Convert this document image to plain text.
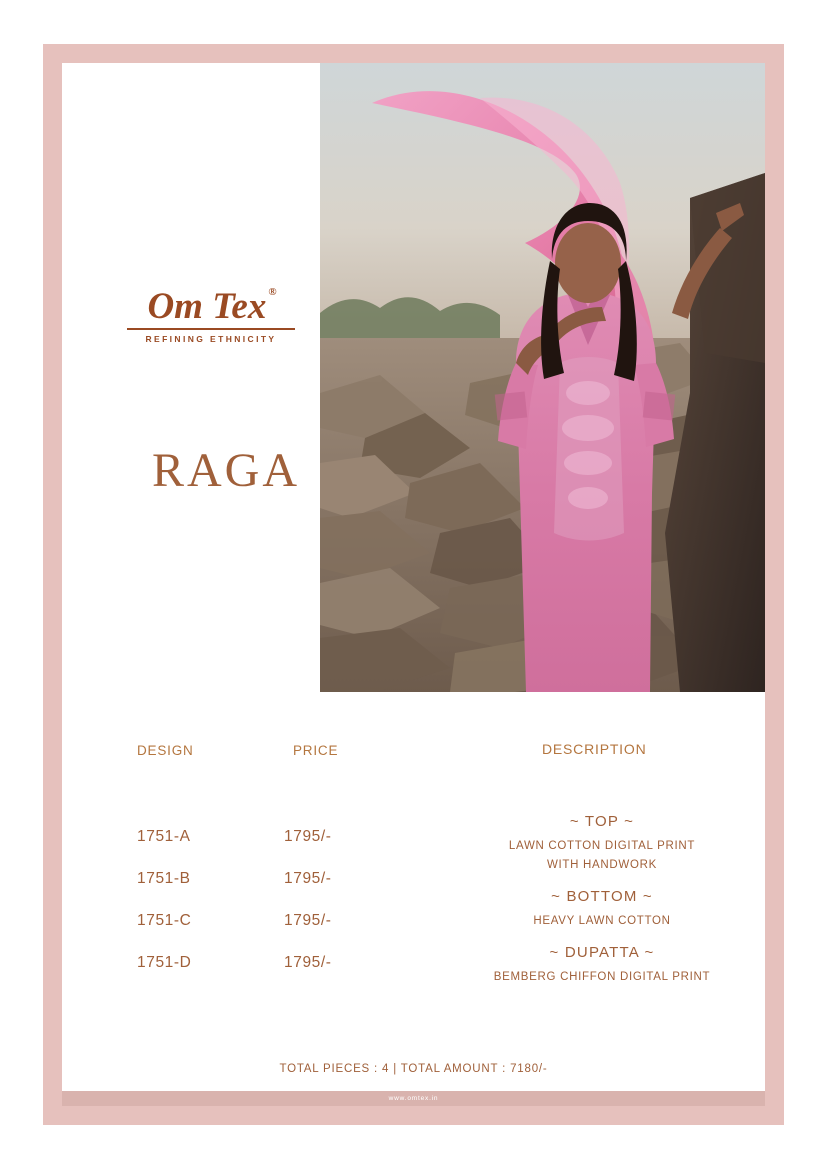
Om Tex ®
REFINING ETHNICITY
RAGA
DESIGN	PRICE	DESCRIPTION
1751-A	1795/-
1751-B	1795/-
1751-C	1795/-
1751-D	1795/-
~ TOP ~
LAWN COTTON DIGITAL PRINT
WITH HANDWORK
~ BOTTOM ~
HEAVY LAWN COTTON
~ DUPATTA ~
BEMBERG CHIFFON DIGITAL PRINT
TOTAL PIECES : 4 | TOTAL AMOUNT : 7180/-
www.omtex.in
